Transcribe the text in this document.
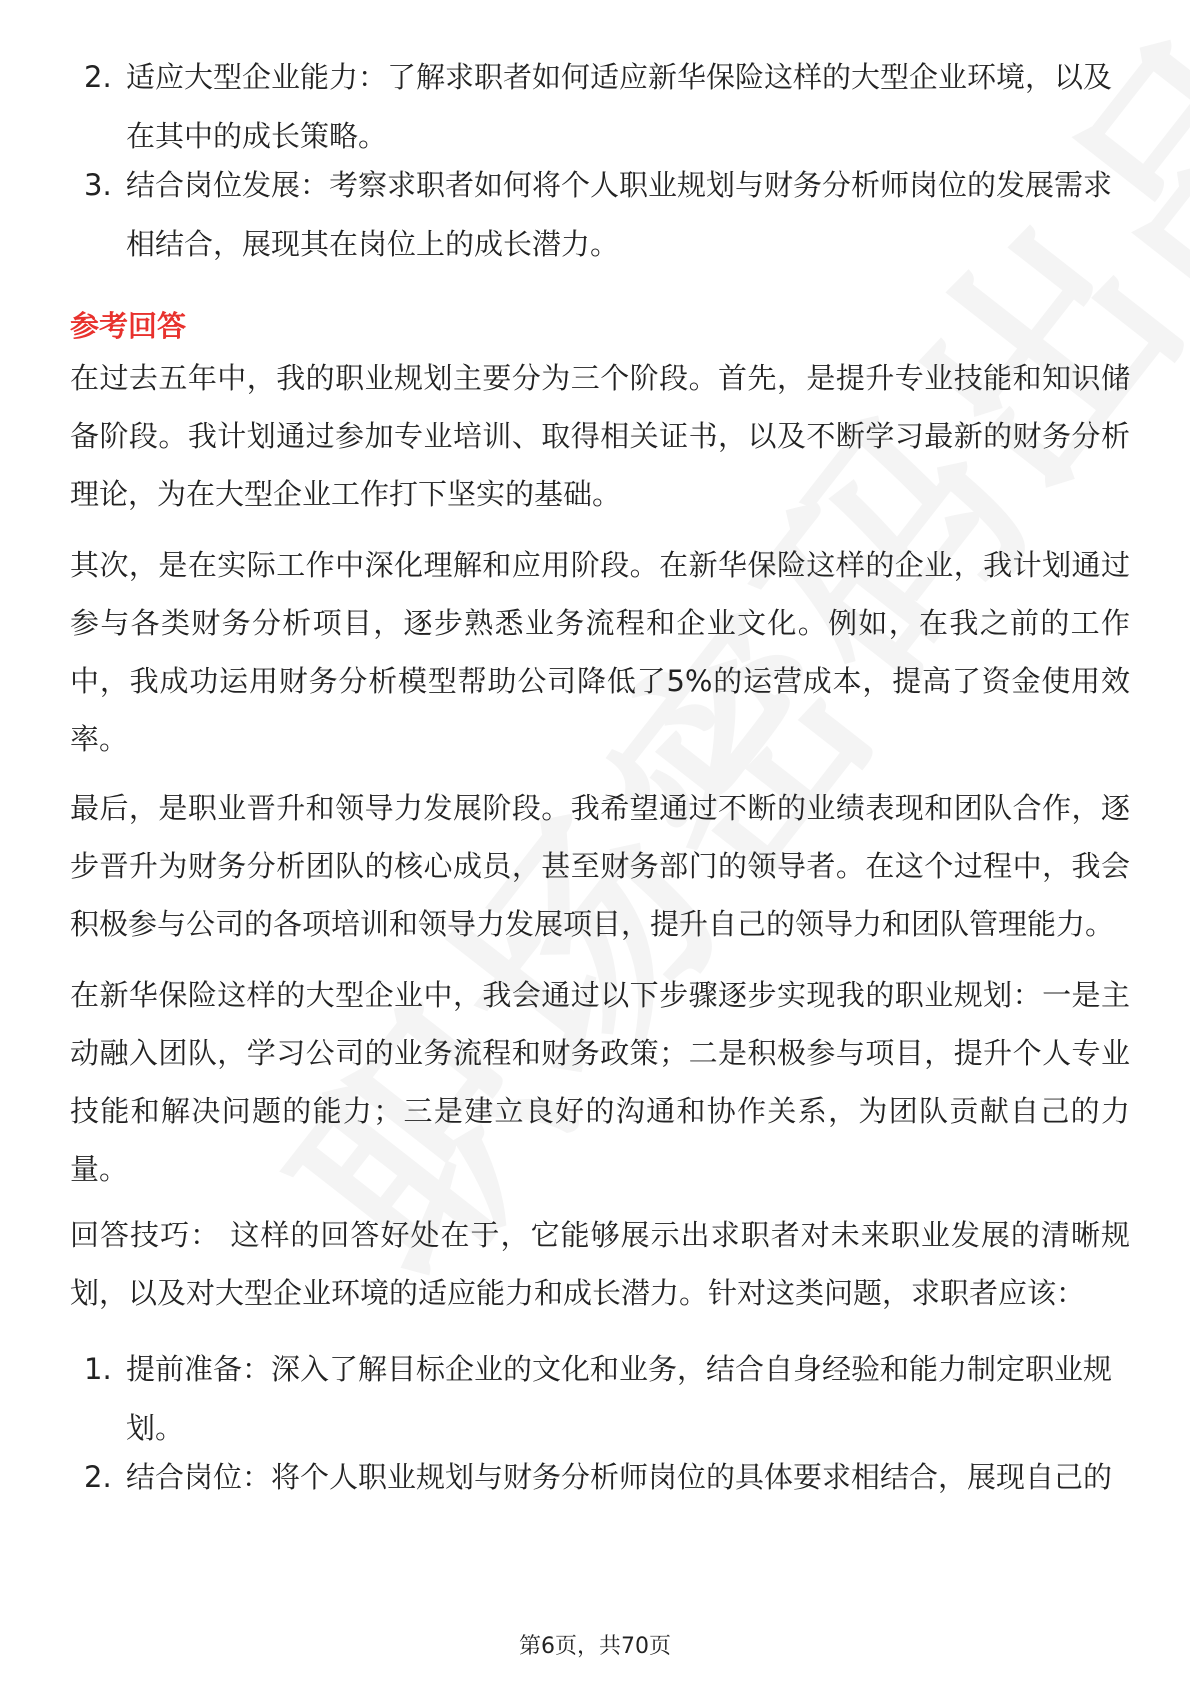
2. 适应大型企业能力：了解求职者如何适应新华保险这样的大型企业环境，以及在其中的成长策略。
3. 结合岗位发展：考察求职者如何将个人职业规划与财务分析师岗位的发展需求相结合，展现其在岗位上的成长潜力。
参考回答
在过去五年中，我的职业规划主要分为三个阶段。首先，是提升专业技能和知识储备阶段。我计划通过参加专业培训、取得相关证书，以及不断学习最新的财务分析理论，为在大型企业工作打下坚实的基础。
其次，是在实际工作中深化理解和应用阶段。在新华保险这样的企业，我计划通过参与各类财务分析项目，逐步熟悉业务流程和企业文化。例如，在我之前的工作中，我成功运用财务分析模型帮助公司降低了5%的运营成本，提高了资金使用效率。
最后，是职业晋升和领导力发展阶段。我希望通过不断的业绩表现和团队合作，逐步晋升为财务分析团队的核心成员，甚至财务部门的领导者。在这个过程中，我会积极参与公司的各项培训和领导力发展项目，提升自己的领导力和团队管理能力。
在新华保险这样的大型企业中，我会通过以下步骤逐步实现我的职业规划：一是主动融入团队，学习公司的业务流程和财务政策；二是积极参与项目，提升个人专业技能和解决问题的能力；三是建立良好的沟通和协作关系，为团队贡献自己的力量。
回答技巧： 这样的回答好处在于，它能够展示出求职者对未来职业发展的清晰规划，以及对大型企业环境的适应能力和成长潜力。针对这类问题，求职者应该：
1. 提前准备：深入了解目标企业的文化和业务，结合自身经验和能力制定职业规划。
2. 结合岗位：将个人职业规划与财务分析师岗位的具体要求相结合，展现自己的
第6页，共70页
